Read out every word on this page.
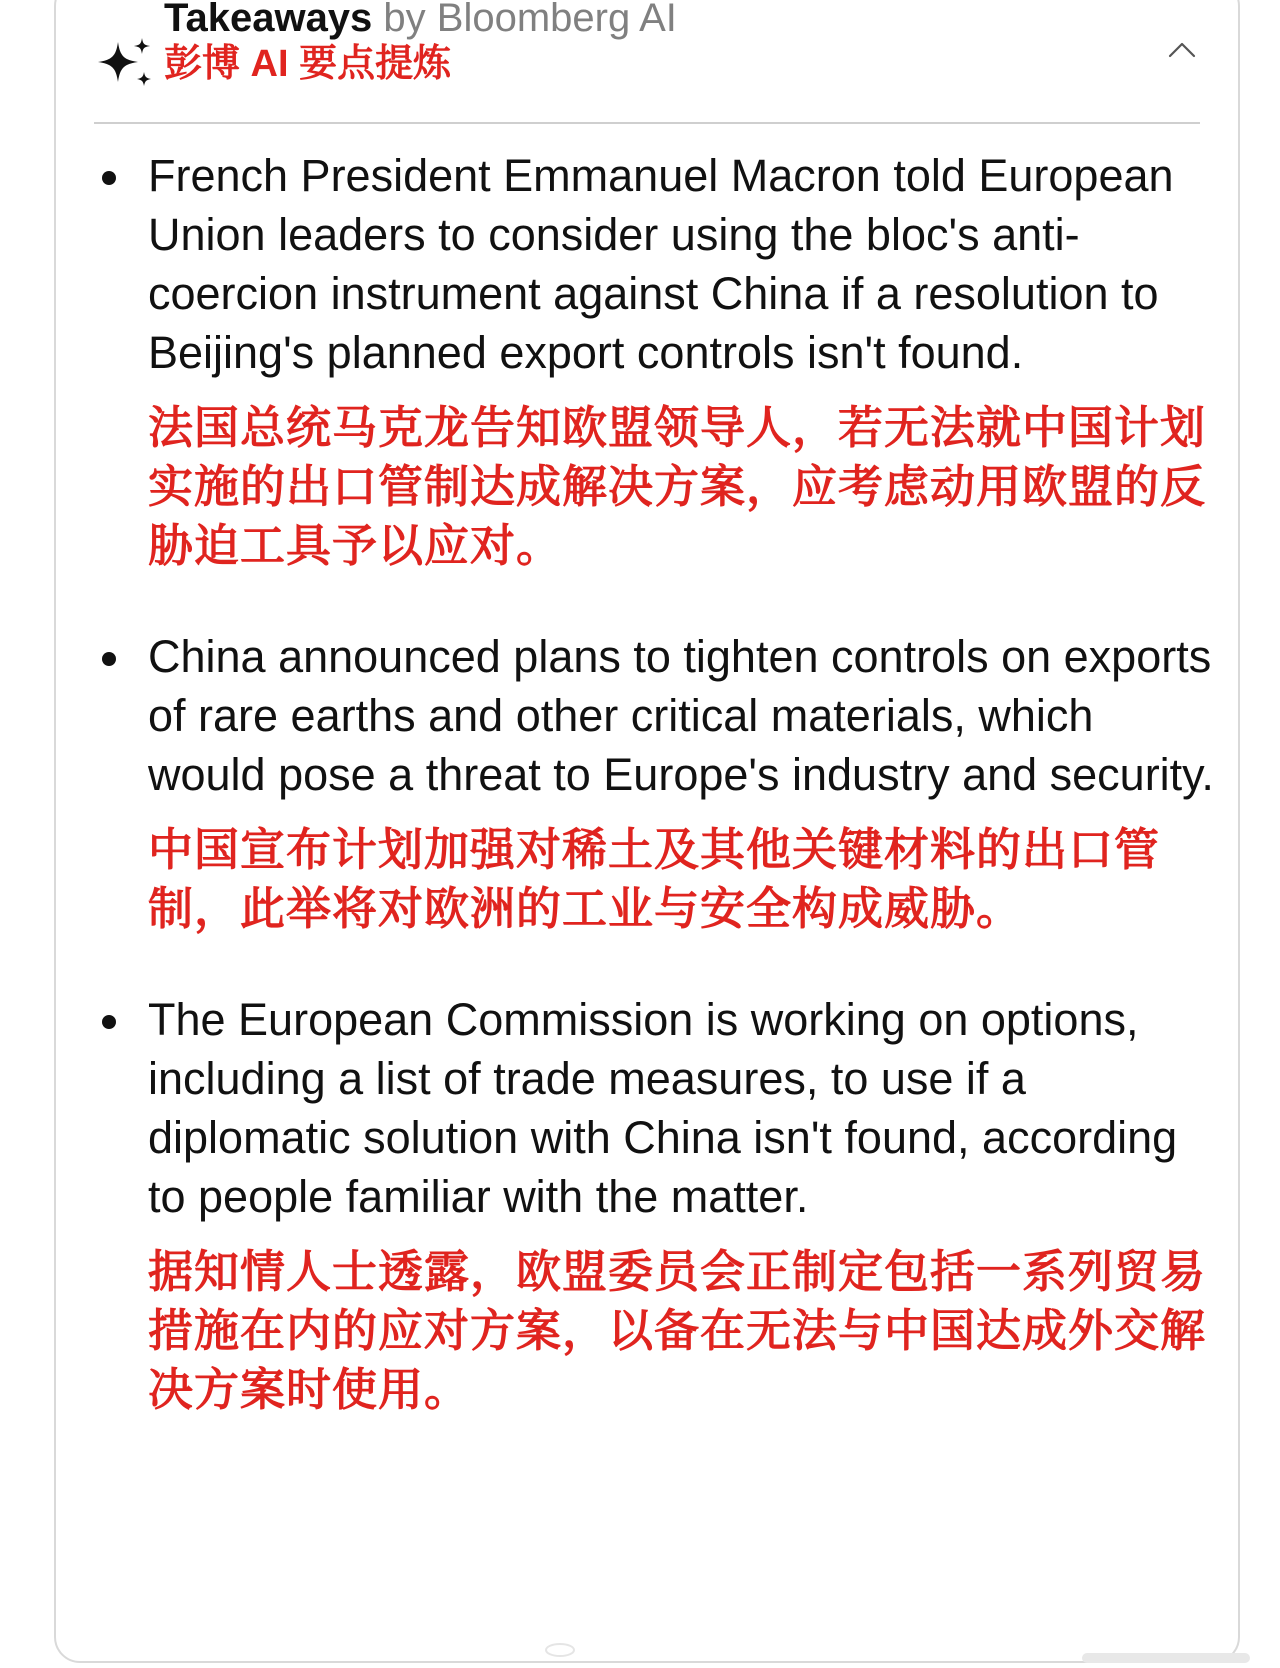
Takeaways by Bloomberg AI
彭博 AI 要点提炼

French President Emmanuel Macron told European Union leaders to consider using the bloc's anti-coercion instrument against China if a resolution to Beijing's planned export controls isn't found.

法国总统马克龙告知欧盟领导人，若无法就中国计划实施的出口管制达成解决方案，应考虑动用欧盟的反胁迫工具予以应对。

China announced plans to tighten controls on exports of rare earths and other critical materials, which would pose a threat to Europe's industry and security.

中国宣布计划加强对稀土及其他关键材料的出口管制，此举将对欧洲的工业与安全构成威胁。

The European Commission is working on options, including a list of trade measures, to use if a diplomatic solution with China isn't found, according to people familiar with the matter.

据知情人士透露，欧盟委员会正制定包括一系列贸易措施在内的应对方案，以备在无法与中国达成外交解决方案时使用。
